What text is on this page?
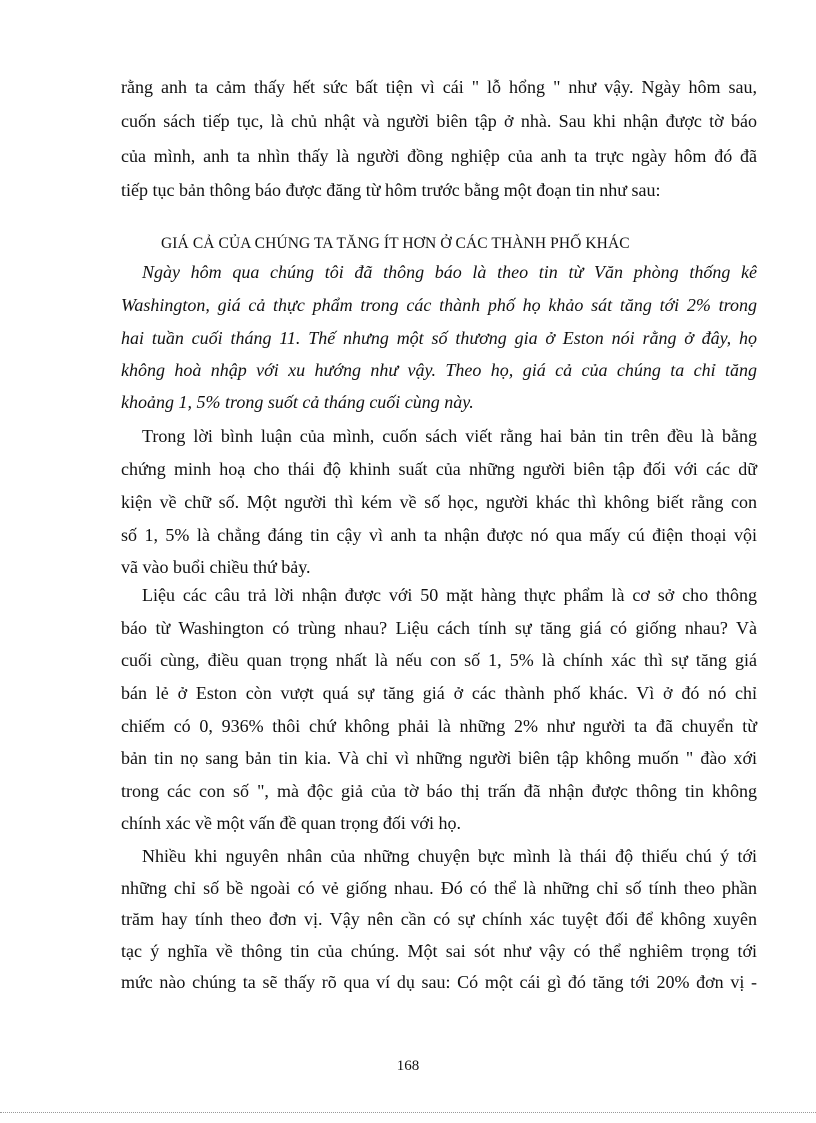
rằng anh ta cảm thấy hết sức bất tiện vì cái " lỗ hổng " như vậy. Ngày hôm sau,
cuốn sách tiếp tục, là chủ nhật và người biên tập ở nhà. Sau khi nhận được tờ báo
của mình, anh ta nhìn thấy là người đồng nghiệp của anh ta trực ngày hôm đó đã
tiếp tục bản thông báo được đăng từ hôm trước bằng một đoạn tin như sau:
GIÁ CẢ CỦA CHÚNG TA TĂNG ÍT HƠN Ở CÁC THÀNH PHỐ KHÁC
Ngày hôm qua chúng tôi đã thông báo là theo tin từ Văn phòng thống kê
Washington, giá cả thực phẩm trong các thành phố họ khảo sát tăng tới 2% trong
hai tuần cuối tháng 11. Thế nhưng một số thương gia ở Eston nói rằng ở đây, họ
không hoà nhập với xu hướng như vậy. Theo họ, giá cả của chúng ta chỉ tăng
khoảng 1, 5% trong suốt cả tháng cuối cùng này.
Trong lời bình luận của mình, cuốn sách viết rằng hai bản tin trên đều là bằng
chứng minh hoạ cho thái độ khinh suất của những người biên tập đối với các dữ
kiện về chữ số. Một người thì kém về số học, người khác thì không biết rằng con
số 1, 5% là chẳng đáng tin cậy vì anh ta nhận được nó qua mấy cú điện thoại vội
vã vào buổi chiều thứ bảy.
Liệu các câu trả lời nhận được với 50 mặt hàng thực phẩm là cơ sở cho thông
báo từ Washington có trùng nhau? Liệu cách tính sự tăng giá có giống nhau? Và
cuối cùng, điều quan trọng nhất là nếu con số 1, 5% là chính xác thì sự tăng giá
bán lẻ ở Eston còn vượt quá sự tăng giá ở các thành phố khác. Vì ở đó nó chỉ
chiếm có 0, 936% thôi chứ không phải là những 2% như người ta đã chuyển từ
bản tin nọ sang bản tin kia. Và chỉ vì những người biên tập không muốn " đào xới
trong các con số ", mà độc giả của tờ báo thị trấn đã nhận được thông tin không
chính xác về một vấn đề quan trọng đối với họ.
Nhiều khi nguyên nhân của những chuyện bực mình là thái độ thiếu chú ý tới
những chỉ số bề ngoài có vẻ giống nhau. Đó có thể là những chỉ số tính theo phần
trăm hay tính theo đơn vị. Vậy nên cần có sự chính xác tuyệt đối để không xuyên
tạc ý nghĩa về thông tin của chúng. Một sai sót như vậy có thể nghiêm trọng tới
mức nào chúng ta sẽ thấy rõ qua ví dụ sau: Có một cái gì đó tăng tới 20% đơn vị -
168
